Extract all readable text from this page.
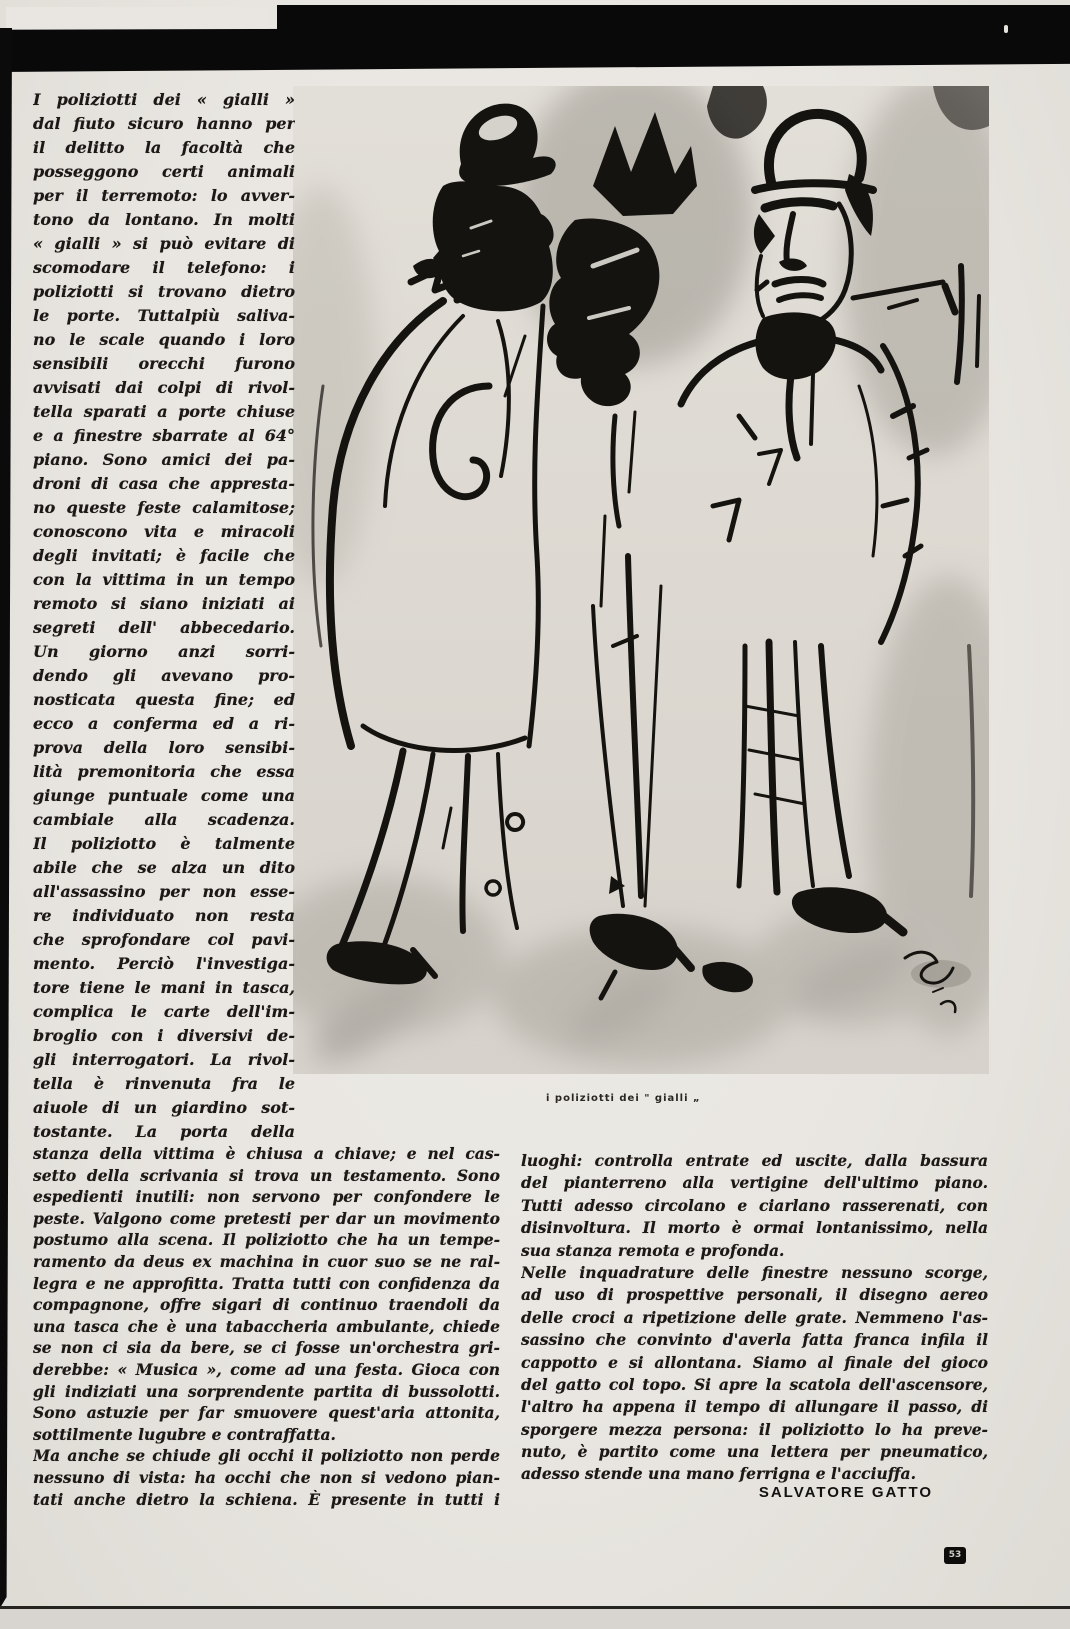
I poliziotti dei « gialli »
dal fiuto sicuro hanno per
il delitto la facoltà che
posseggono certi animali
per il terremoto: lo avver-
tono da lontano. In molti
« gialli » si può evitare di
scomodare il telefono: i
poliziotti si trovano dietro
le porte. Tuttalpiù saliva-
no le scale quando i loro
sensibili orecchi furono
avvisati dai colpi di rivol-
tella sparati a porte chiuse
e a finestre sbarrate al 64°
piano. Sono amici dei pa-
droni di casa che appresta-
no queste feste calamitose;
conoscono vita e miracoli
degli invitati; è facile che
con la vittima in un tempo
remoto si siano iniziati ai
segreti dell' abbecedario.
Un giorno anzi sorri-
dendo gli avevano pro-
nosticata questa fine; ed
ecco a conferma ed a ri-
prova della loro sensibi-
lità premonitoria che essa
giunge puntuale come una
cambiale alla scadenza.
Il poliziotto è talmente
abile che se alza un dito
all'assassino per non esse-
re individuato non resta
che sprofondare col pavi-
mento. Perciò l'investiga-
tore tiene le mani in tasca,
complica le carte dell'im-
broglio con i diversivi de-
gli interrogatori. La rivol-
tella è rinvenuta fra le
aiuole di un giardino sot-
tostante. La porta della
stanza della vittima è chiusa a chiave; e nel cas-
setto della scrivania si trova un testamento. Sono
espedienti inutili: non servono per confondere le
peste. Valgono come pretesti per dar un movimento
postumo alla scena. Il poliziotto che ha un tempe-
ramento da deus ex machina in cuor suo se ne ral-
legra e ne approfitta. Tratta tutti con confidenza da
compagnone, offre sigari di continuo traendoli da
una tasca che è una tabaccheria ambulante, chiede
se non ci sia da bere, se ci fosse un'orchestra gri-
derebbe: « Musica », come ad una festa. Gioca con
gli indiziati una sorprendente partita di bussolotti.
Sono astuzie per far smuovere quest'aria attonita,
sottilmente lugubre e contraffatta.
Ma anche se chiude gli occhi il poliziotto non perde
nessuno di vista: ha occhi che non si vedono pian-
tati anche dietro la schiena. È presente in tutti i
luoghi: controlla entrate ed uscite, dalla bassura
del pianterreno alla vertigine dell'ultimo piano.
Tutti adesso circolano e ciarlano rasserenati, con
disinvoltura. Il morto è ormai lontanissimo, nella
sua stanza remota e profonda.
Nelle inquadrature delle finestre nessuno scorge,
ad uso di prospettive personali, il disegno aereo
delle croci a ripetizione delle grate. Nemmeno l'as-
sassino che convinto d'averla fatta franca infila il
cappotto e si allontana. Siamo al finale del gioco
del gatto col topo. Si apre la scatola dell'ascensore,
l'altro ha appena il tempo di allungare il passo, di
sporgere mezza persona: il poliziotto lo ha preve-
nuto, è partito come una lettera per pneumatico,
adesso stende una mano ferrigna e l'acciuffa.
i poliziotti dei " gialli „
SALVATORE GATTO
53
